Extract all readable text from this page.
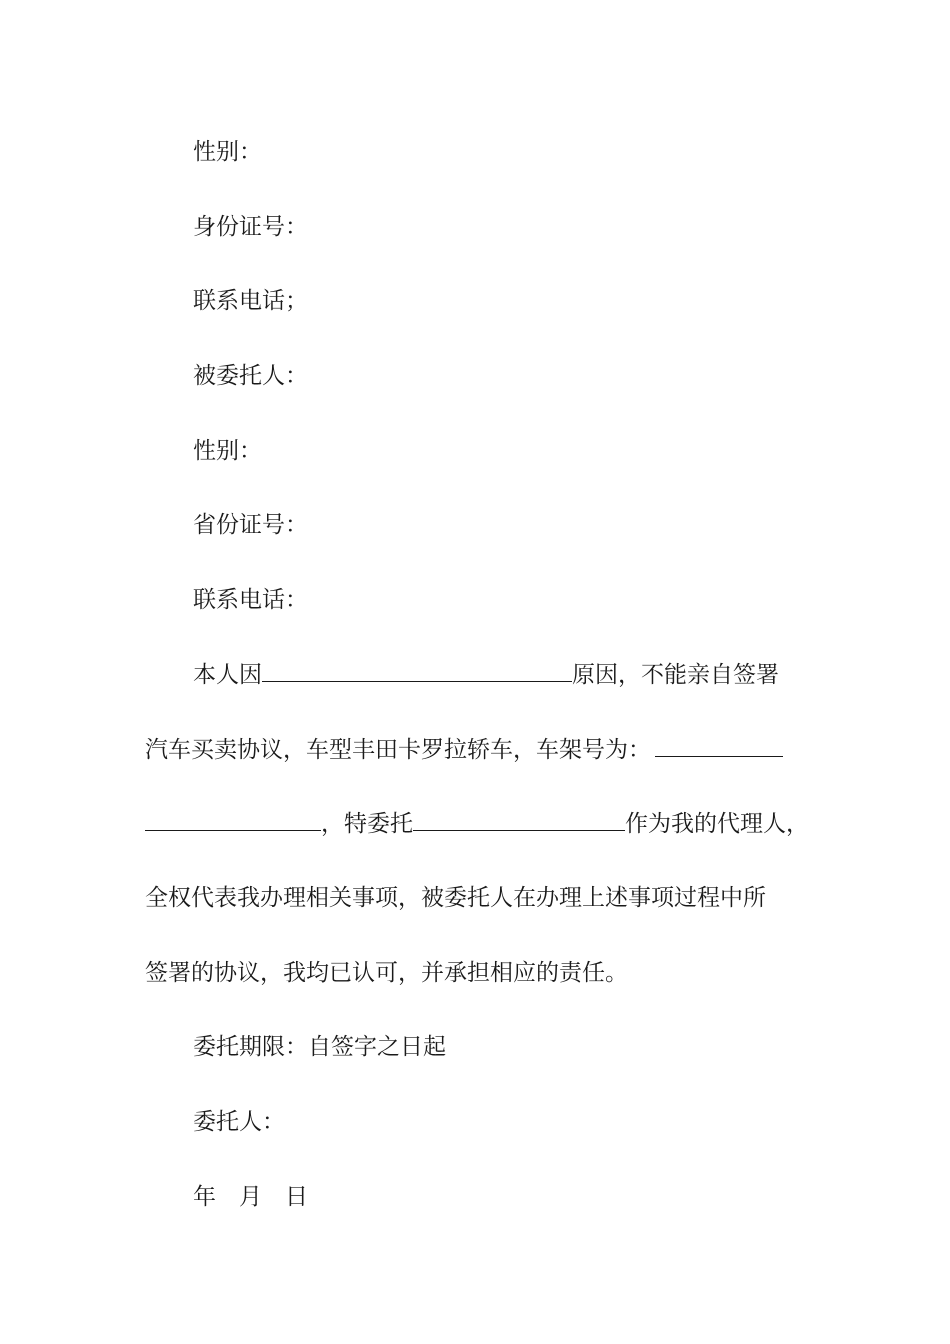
性别：
身份证号：
联系电话；
被委托人：
性别：
省份证号：
联系电话：
本人因	原因，不能亲自签署
汽车买卖协议，车型丰田卡罗拉轿车，车架号为：
，特委托	作为我的代理人，
全权代表我办理相关事项，被委托人在办理上述事项过程中所
签署的协议，我均已认可，并承担相应的责任。
委托期限：自签字之日起
委托人：
年　月　日
